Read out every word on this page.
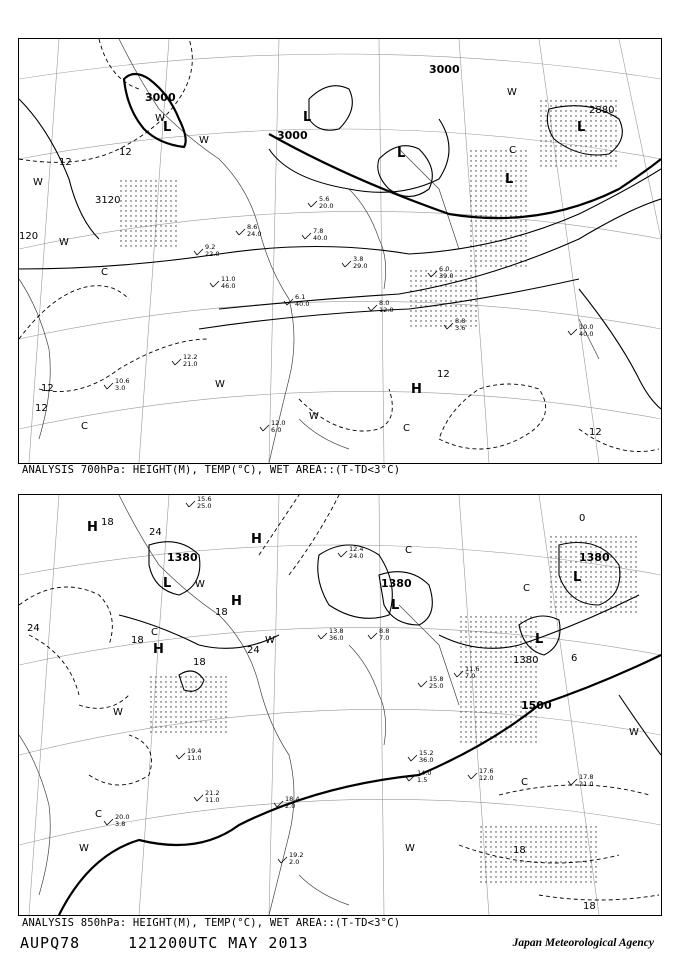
3000
3000
3000
3120
120
2880
12
12
12
12
12
12
L
L
L
L
L
H
W
W
W
W
W
W
W
C
C	C
C
8.6
24.0
9.2
22.0
11.0
46.0
7.8
40.0
3.8
29.0	6.0
39.0
10.0
40.0
12.2
21.0
10.6
3.0
12.0
6.0
5.6
20.0
6.1
40.0
8.8
3.6
8.0
12.0
ANALYSIS 700hPa: HEIGHT(M), TEMP(°C), WET AREA::(T-TD<3°C)
1380
1380
1380
1380
1500
18
24
24
18
18
24
18
18
18
0
6
L
L
L
L
H
H
H
H
W
W
W
W
W
W
C
C
C
C
C
15.6
25.0
12.4
24.0
13.8
36.0
8.8
7.0
11.6
7.0
15.8
25.0
15.2
36.0
14.0
1.5
17.6
12.0	17.8
21.0
19.4
11.0
21.2
11.0
20.0
3.8
18.4
2.0
19.2
2.0
ANALYSIS 850hPa: HEIGHT(M), TEMP(°C), WET AREA::(T-TD<3°C)
AUPQ78	121200UTC MAY 2013	Japan Meteorological Agency
